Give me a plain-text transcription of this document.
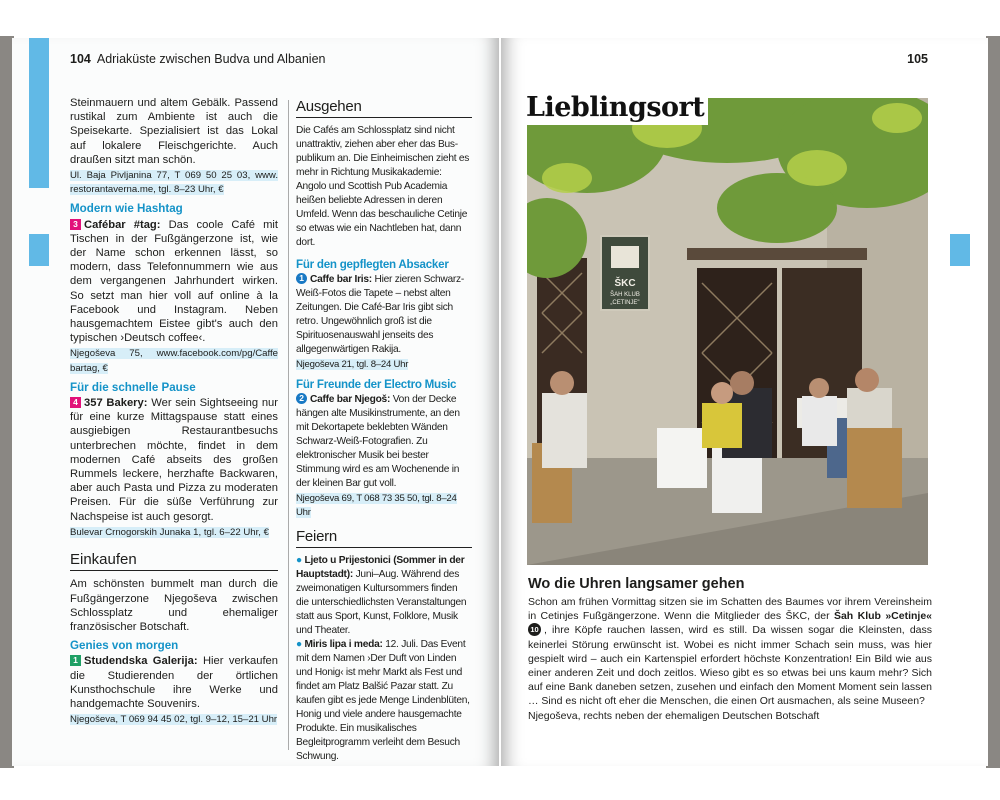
104 Adriaküste zwischen Budva und Albanien

Steinmauern und altem Gebälk. Passend rustikal zum Ambiente ist auch die Speisekarte. Spezialisiert ist das Lokal auf lokalere Fleischgerichte. Auch draußen sitzt man schön.

Ul. Baja Pivljanina 77, T 069 50 25 03, www. restorantaverna.me, tgl. 8–23 Uhr, €
Modern wie Hashtag

3 Cafébar #tag: Das coole Café mit Tischen in der Fußgängerzone ist, wie der Name schon erkennen lässt, so modern, dass Telefonnummern wie aus dem vergangenen Jahrhundert wirken. So setzt man hier voll auf online à la Facebook und Instagram. Neben hausgemachtem Eistee gibt's auch den typischen ›Deutsch coffee‹.

Njegoševa 75, www.facebook.com/pg/Caffe bartag, €
Für die schnelle Pause

4 357 Bakery: Wer sein Sightseeing nur für eine kurze Mittagspause statt eines ausgiebigen Restaurantbesuchs unterbrechen möchte, findet in dem modernen Café abseits des großen Rummels leckere, herzhafte Backwaren, aber auch Pasta und Pizza zu moderaten Preisen. Für die süße Verführung zur Nachspeise ist auch gesorgt.

Bulevar Crnogorskih Junaka 1, tgl. 6–22 Uhr, €
Einkaufen

Am schönsten bummelt man durch die Fußgängerzone Njegoševa zwischen Schlossplatz und ehemaliger französischer Botschaft.

Genies von morgen

1 Studendska Galerija: Hier verkaufen die Studierenden der örtlichen Kunsthochschule ihre Werke und handgemachte Souvenirs.

Njegoševa, T 069 94 45 02, tgl. 9–12, 15–21 Uhr
Ausgehen

Die Cafés am Schlossplatz sind nicht unattraktiv, ziehen aber eher das Buspublikum an. Die Einheimischen zieht es mehr in Richtung Musikakademie: Angolo und Scottish Pub Academia heißen beliebte Adressen in deren Umfeld. Wenn das beschauliche Cetinje so etwas wie ein Nachtleben hat, dann dort.

Für den gepflegten Absacker

1 Caffe bar Iris: Hier zieren Schwarz-Weiß-Fotos die Tapete – nebst alten Zeitungen. Die Café-Bar Iris gibt sich retro. Ungewöhnlich groß ist die Spirituosenauswahl jenseits des allgegenwärtigen Rakija.

Njegoševa 21, tgl. 8–24 Uhr
Für Freunde der Electro Music

2 Caffe bar Njegoš: Von der Decke hängen alte Musikinstrumente, an den mit Dekortapete beklebten Wänden Schwarz-Weiß-Fotografien. Zu elektronischer Musik bei bester Stimmung wird es am Wochenende in der kleinen Bar gut voll.

Njegoševa 69, T 068 73 35 50, tgl. 8–24 Uhr
Feiern

● Ljeto u Prijestonici (Sommer in der Hauptstadt): Juni–Aug. Während des zweimonatigen Kultursommers finden die unterschiedlichsten Veranstaltungen statt aus Sport, Kunst, Folklore, Musik und Theater.

● Miris lipa i meda: 12. Juli. Das Event mit dem Namen ›Der Duft von Linden und Honig‹ ist mehr Markt als Fest und findet am Platz Balšić Pazar statt. Zu kaufen gibt es jede Menge Lindenblüten, Honig und viele andere hausgemachte Produkte. Ein musikalisches Begleitprogramm verleiht dem Besuch Schwung.

105
ŠKC
ŠAH KLUB
„CETINJE"
Lieblingsort
Wo die Uhren langsamer gehen

Schon am frühen Vormittag sitzen sie im Schatten des Baumes vor ihrem Vereinsheim in Cetinjes Fußgängerzone. Wenn die Mitglieder des ŠKC, der Šah Klub »Cetinje« 10 , ihre Köpfe rauchen lassen, wird es still. Da wissen sogar die Kleinsten, dass keinerlei Störung erwünscht ist. Wobei es nicht immer Schach sein muss, was hier gespielt wird – auch ein Kartenspiel erfordert höchste Konzentration! Ein Bild wie aus einer anderen Zeit und doch zeitlos. Wieso gibt es so etwas bei uns kaum mehr? Sich auf eine Bank daneben setzen, zusehen und einfach den Moment Moment sein lassen … Sind es nicht oft eher die Menschen, die einen Ort ausmachen, als seine Museen?
Njegoševa, rechts neben der ehemaligen Deutschen Botschaft
